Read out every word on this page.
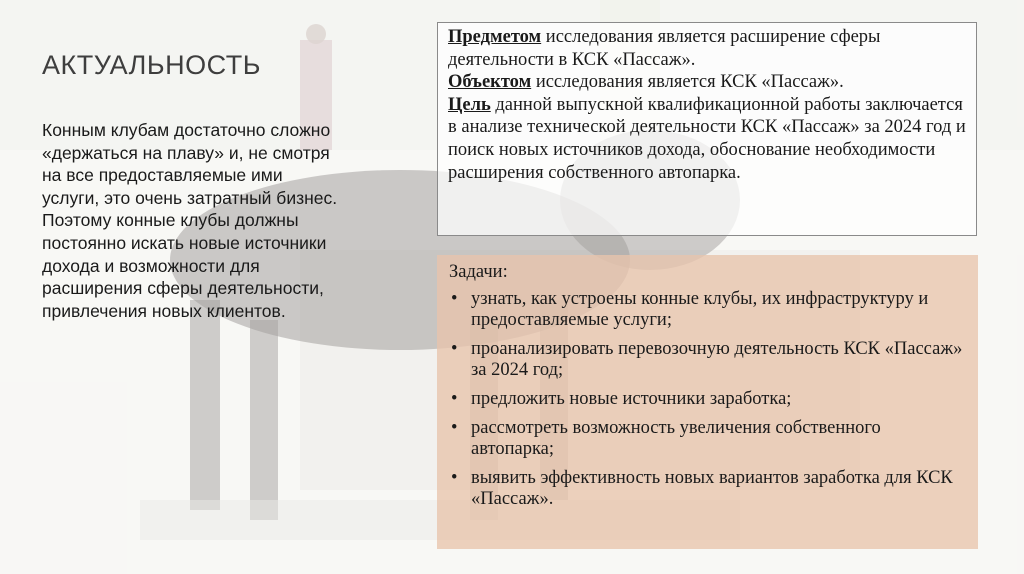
АКТУАЛЬНОСТЬ
Конным клубам достаточно сложно «держаться на плаву» и, не смотря на все предоставляемые ими услуги, это очень затратный бизнес. Поэтому конные клубы должны постоянно искать новые источники дохода и возможности для расширения сферы деятельности, привлечения новых клиентов.

Предметом исследования является расширение сферы деятельности в КСК «Пассаж».

Объектом исследования является КСК «Пассаж».

Цель данной выпускной квалификационной работы заключается в анализе технической деятельности КСК «Пассаж» за 2024 год и поиск новых источников дохода, обоснование необходимости расширения собственного автопарка.

Задачи:
• узнать, как устроены конные клубы, их инфраструктуру и предоставляемые услуги;
• проанализировать перевозочную деятельность КСК «Пассаж» за 2024 год;
• предложить новые источники заработка;
• рассмотреть возможность увеличения собственного автопарка;
• выявить эффективность новых вариантов заработка для КСК «Пассаж».
